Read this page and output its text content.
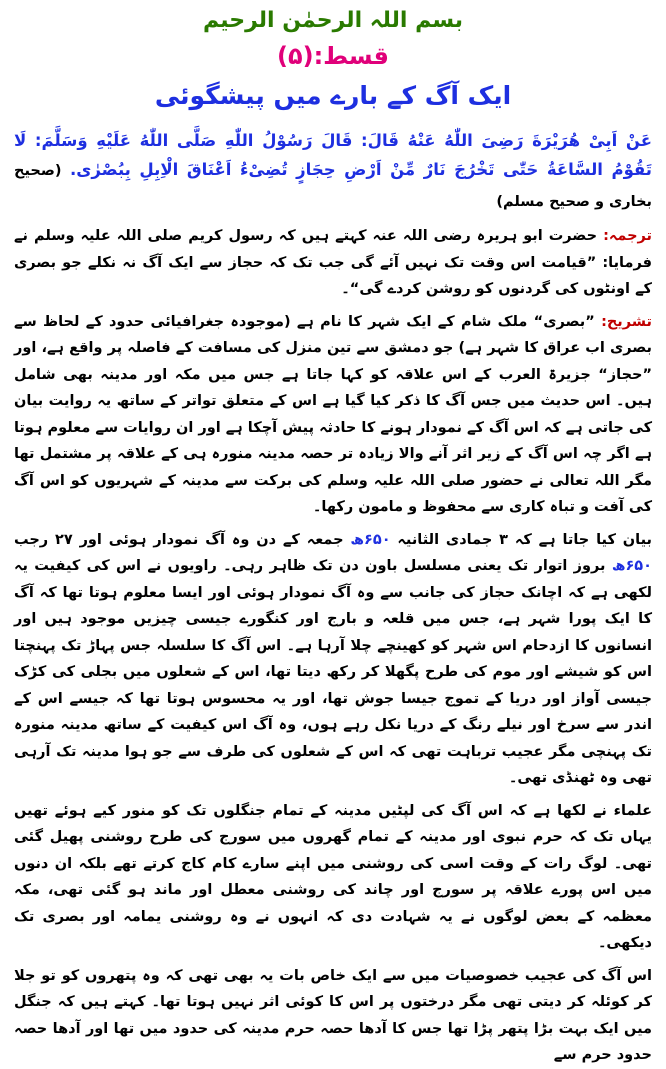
بسم اللہ الرحمٰن الرحیم
قسط:(۵)
ایک آگ کے بارے میں پیشگوئی
عَنْ اَبِیْ هُرَیْرَةَ رَضِیَ اللّٰهُ عَنْهُ قَالَ: قَالَ رَسُوْلُ اللّٰهِ صَلَّى اللّٰهُ عَلَيْهِ وَسَلَّمَ: لَا تَقُوْمُ السَّاعَةُ حَتّٰى تَخْرُجَ نَارٌ مِّنْ اَرْضِ حِجَازٍ تُضِیْءُ اَعْنَاقَ الْاِبِلِ بِبُصْرٰی. (صحیح بخاری و صحیح مسلم)
ترجمہ: حضرت ابو ہریرہ رضی اللہ عنہ کہتے ہیں کہ رسول کریم صلی اللہ علیہ وسلم نے فرمایا: ”قیامت اس وقت تک نہیں آئے گی جب تک کہ حجاز سے ایک آگ نہ نکلے جو بصری کے اونٹوں کی گردنوں کو روشن کردے گی“۔
تشریح: ”بصری“ ملک شام کے ایک شہر کا نام ہے (موجودہ جغرافیائی حدود کے لحاظ سے بصری اب عراق کا شہر ہے) جو دمشق سے تین منزل کی مسافت کے فاصلہ پر واقع ہے، اور ”حجاز“ جزیرۃ العرب کے اس علاقہ کو کہا جاتا ہے جس میں مکہ اور مدینہ بھی شامل ہیں۔ اس حدیث میں جس آگ کا ذکر کیا گیا ہے اس کے متعلق تواتر کے ساتھ یہ روایت بیان کی جاتی ہے کہ اس آگ کے نمودار ہونے کا حادثہ پیش آچکا ہے اور ان روایات سے معلوم ہوتا ہے اگر چہ اس آگ کے زیر اثر آنے والا زیادہ تر حصہ مدینہ منورہ ہی کے علاقہ پر مشتمل تھا مگر اللہ تعالی نے حضور صلی اللہ علیہ وسلم کی برکت سے مدینہ کے شہریوں کو اس آگ کی آفت و تباہ کاری سے محفوظ و مامون رکھا۔
بیان کیا جاتا ہے کہ ۳ جمادی الثانیہ ۶۵۰ھ جمعہ کے دن وہ آگ نمودار ہوئی اور ۲۷ رجب ۶۵۰ھ بروز اتوار تک یعنی مسلسل باون دن تک ظاہر رہی۔ راویوں نے اس کی کیفیت یہ لکھی ہے کہ اچانک حجاز کی جانب سے وہ آگ نمودار ہوئی اور ایسا معلوم ہوتا تھا کہ آگ کا ایک پورا شہر ہے، جس میں قلعہ و بارج اور کنگورے جیسی چیزیں موجود ہیں اور انسانوں کا ازدحام اس شہر کو کھینچے چلا آرہا ہے۔ اس آگ کا سلسلہ جس پہاڑ تک پہنچتا اس کو شیشے اور موم کی طرح پگھلا کر رکھ دیتا تھا، اس کے شعلوں میں بجلی کی کڑک جیسی آواز اور دریا کے تموج جیسا جوش تھا، اور یہ محسوس ہوتا تھا کہ جیسے اس کے اندر سے سرخ اور نیلے رنگ کے دریا نکل رہے ہوں، وہ آگ اس کیفیت کے ساتھ مدینہ منورہ تک پہنچی مگر عجیب ترباہت تھی کہ اس کے شعلوں کی طرف سے جو ہوا مدینہ تک آرہی تھی وہ ٹھنڈی تھی۔
علماء نے لکھا ہے کہ اس آگ کی لپٹیں مدینہ کے تمام جنگلوں تک کو منور کیے ہوئے تھیں یہاں تک کہ حرم نبوی اور مدینہ کے تمام گھروں میں سورج کی طرح روشنی پھیل گئی تھی۔ لوگ رات کے وقت اسی کی روشنی میں اپنے سارے کام کاج کرتے تھے بلکہ ان دنوں میں اس پورے علاقہ پر سورج اور چاند کی روشنی معطل اور ماند ہو گئی تھی، مکہ معظمہ کے بعض لوگوں نے یہ شہادت دی کہ انہوں نے وہ روشنی یمامہ اور بصری تک دیکھی۔
اس آگ کی عجیب خصوصیات میں سے ایک خاص بات یہ بھی تھی کہ وہ پتھروں کو تو جلا کر کوئلہ کر دیتی تھی مگر درختوں پر اس کا کوئی اثر نہیں ہوتا تھا۔ کہتے ہیں کہ جنگل میں ایک بہت بڑا پتھر پڑا تھا جس کا آدھا حصہ حرم مدینہ کی حدود میں تھا اور آدھا حصہ حدود حرم سے
